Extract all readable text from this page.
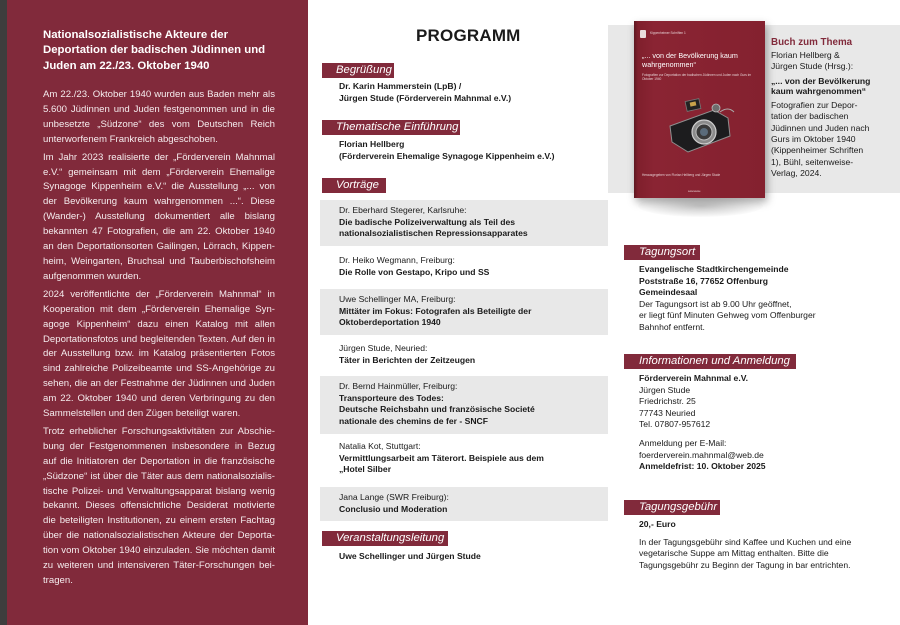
Nationalsozialistische Akteure der Deportation der badischen Jüdinnen und Juden am 22./23. Oktober 1940

Am 22./23. Oktober 1940 wurden aus Baden mehr als 5.600 Jüdinnen und Juden festgenommen und in die unbesetzte „Südzone“ des vom Deutschen Reich unterworfenem Frankreich abgeschoben.

Im Jahr 2023 realisierte der „Förderverein Mahnmal e.V.“ gemeinsam mit dem „Förderverein Ehemalige Synagoge Kippenheim e.V.“ die Ausstellung „... von der Bevölkerung kaum wahrgenommen ...“. Diese (Wander-) Ausstellung dokumentiert alle bislang bekannten 47 Fotografien, die am 22. Oktober 1940 an den Deportationsorten Gailingen, Lörrach, Kippenheim, Weingarten, Bruchsal und Tauberbischofsheim aufgenommen wurden.

2024 veröffentlichte der „Förderverein Mahnmal“ in Kooperation mit dem „Förderverein Ehemalige Synagoge Kippenheim“ dazu einen Katalog mit allen Deportationsfotos und begleitenden Texten. Auf den in der Ausstellung bzw. im Katalog präsentierten Fotos sind zahlreiche Polizeibeamte und SS-Angehörige zu sehen, die an der Festnahme der Jüdinnen und Juden am 22. Oktober 1940 und deren Verbringung zu den Sammelstellen und den Zügen beteiligt waren.

Trotz erheblicher Forschungsaktivitäten zur Abschiebung der Festgenommenen insbesondere in Bezug auf die Initiatoren der Deportation in die französische „Südzone“ ist über die Täter aus dem nationalsozialistische Polizei- und Verwaltungsapparat bislang wenig bekannt. Dieses offensichtliche Desiderat motivierte die beteiligten Institutionen, zu einem ersten Fachtag über die nationalsozialistischen Akteure der Deportation vom Oktober 1940 einzuladen. Sie möchten damit zu weiteren und intensiveren Täter-Forschungen beitragen.

PROGRAMM
Begrüßung
Dr. Karin Hammerstein (LpB) /
Jürgen Stude (Förderverein Mahnmal e.V.)
Thematische Einführung
Florian Hellberg
(Förderverein Ehemalige Synagoge Kippenheim e.V.)
Vorträge
Dr. Eberhard Stegerer, Karlsruhe:
Die badische Polizeiverwaltung als Teil des
nationalsozialistischen Repressionsapparates
Dr. Heiko Wegmann, Freiburg:
Die Rolle von Gestapo, Kripo und SS
Uwe Schellinger MA, Freiburg:
Mittäter im Fokus: Fotografen als Beteiligte der
Oktoberdeportation 1940
Jürgen Stude, Neuried:
Täter in Berichten der Zeitzeugen
Dr. Bernd Hainmüller, Freiburg:
Transporteure des Todes:
Deutsche Reichsbahn und französische Societé
nationale des chemins de fer - SNCF
Natalia Kot, Stuttgart:
Vermittlungsarbeit am Täterort. Beispiele aus dem
„Hotel Silber
Jana Lange (SWR Freiburg):
Conclusio und Moderation
Veranstaltungsleitung
Uwe Schellinger und Jürgen Stude
Kippenheimer Schriften 1
„... von der Bevölkerung kaum wahrgenommen“
Fotografien zur Deportation der badischen Jüdinnen und Juden nach Gurs im Oktober 1940
Herausgegeben von Florian Hellberg und Jürgen Stude
seitenweise
Buch zum Thema
Florian Hellberg &
Jürgen Stude (Hrsg.):
„... von der Bevölkerung
kaum wahrgenommen“
Fotografien zur Depor-
tation der badischen
Jüdinnen und Juden nach
Gurs im Oktober 1940
(Kippenheimer Schriften
1), Bühl, seitenweise-
Verlag, 2024.
Tagungsort
Evangelische Stadtkirchengemeinde
Poststraße 16, 77652 Offenburg
Gemeindesaal
Der Tagungsort ist ab 9.00 Uhr geöffnet,
er liegt fünf Minuten Gehweg vom Offenburger
Bahnhof entfernt.
Informationen und Anmeldung
Förderverein Mahnmal e.V.
Jürgen Stude
Friedrichstr. 25
77743 Neuried
Tel. 07807-957612
Anmeldung per E-Mail:
foerderverein.mahnmal@web.de
Anmeldefrist: 10. Oktober 2025
Tagungsgebühr
20,- Euro
In der Tagungsgebühr sind Kaffee und Kuchen und eine
vegetarische Suppe am Mittag enthalten. Bitte die
Tagungsgebühr zu Beginn der Tagung in bar entrichten.
